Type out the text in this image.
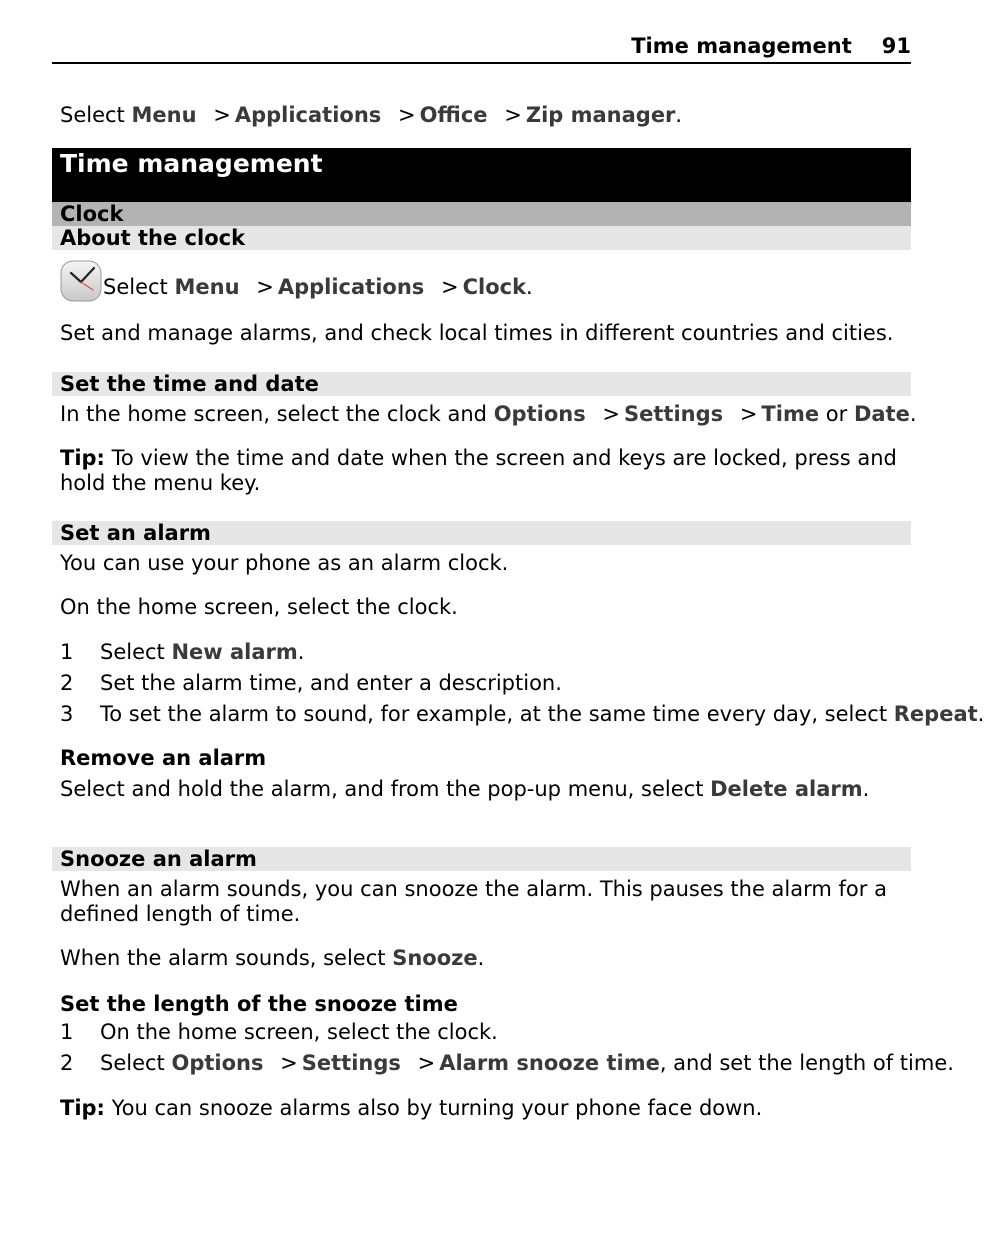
Time management 91
Select Menu > Applications > Office > Zip manager.
Time management
Clock
About the clock
Select Menu > Applications > Clock.
Set and manage alarms, and check local times in different countries and cities.
Set the time and date
In the home screen, select the clock and Options > Settings > Time or Date.
Tip: To view the time and date when the screen and keys are locked, press and hold the menu key.
Set an alarm
You can use your phone as an alarm clock.
On the home screen, select the clock.
1 Select New alarm.
2 Set the alarm time, and enter a description.
3 To set the alarm to sound, for example, at the same time every day, select Repeat.
Remove an alarm
Select and hold the alarm, and from the pop-up menu, select Delete alarm.
Snooze an alarm
When an alarm sounds, you can snooze the alarm. This pauses the alarm for a defined length of time.
When the alarm sounds, select Snooze.
Set the length of the snooze time
1 On the home screen, select the clock.
2 Select Options > Settings > Alarm snooze time, and set the length of time.
Tip: You can snooze alarms also by turning your phone face down.
